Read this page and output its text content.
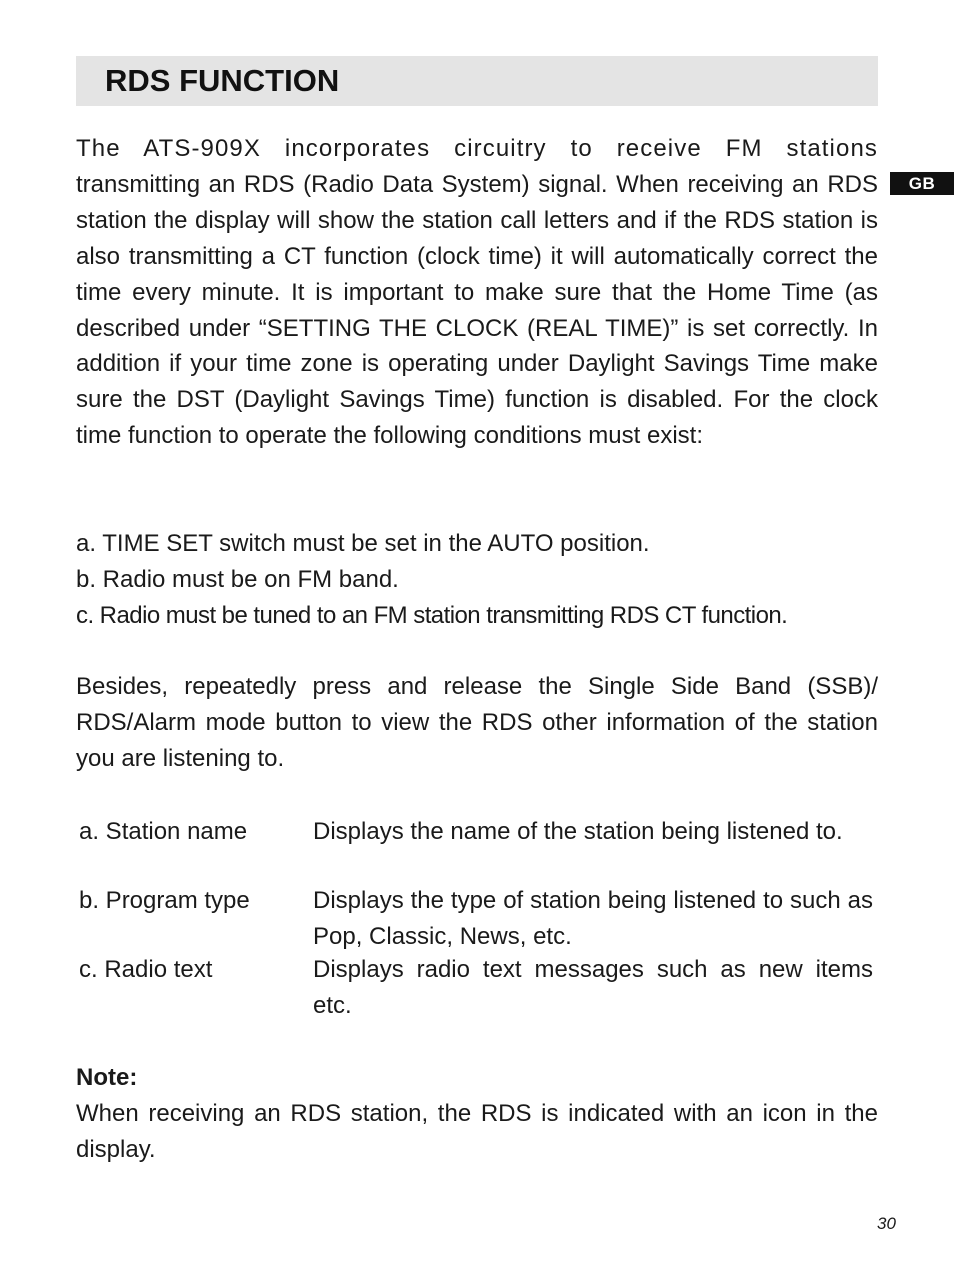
RDS FUNCTION
GB

The ATS-909X incorporates circuitry to receive FM stations transmitting an RDS (Radio Data System) signal. When receiving an RDS station the display will show the station call letters and if the RDS station is also transmitting a CT function (clock time) it will automatically correct the time every minute. It is important to make sure that the Home Time (as described under “SETTING THE CLOCK (REAL TIME)” is set correctly. In addition if your time zone is operating under Daylight Savings Time make sure the DST (Daylight Savings Time) function is disabled. For the clock time function to operate the following conditions must exist:

a. TIME SET switch must be set in the AUTO position.

b. Radio must be on FM band.

c. Radio must be tuned to an FM station transmitting RDS CT function.

Besides, repeatedly press and release the Single Side Band (SSB)/ RDS/Alarm mode button to view the RDS other information of the station you are listening to.

a. Station name	Displays the name of the station being listened to.
b. Program type	Displays the type of station being listened to such as Pop, Classic, News, etc.
c. Radio text	Displays radio text messages such as new items etc.

Note:

When receiving an RDS station, the RDS is indicated with an icon in the display.

30
